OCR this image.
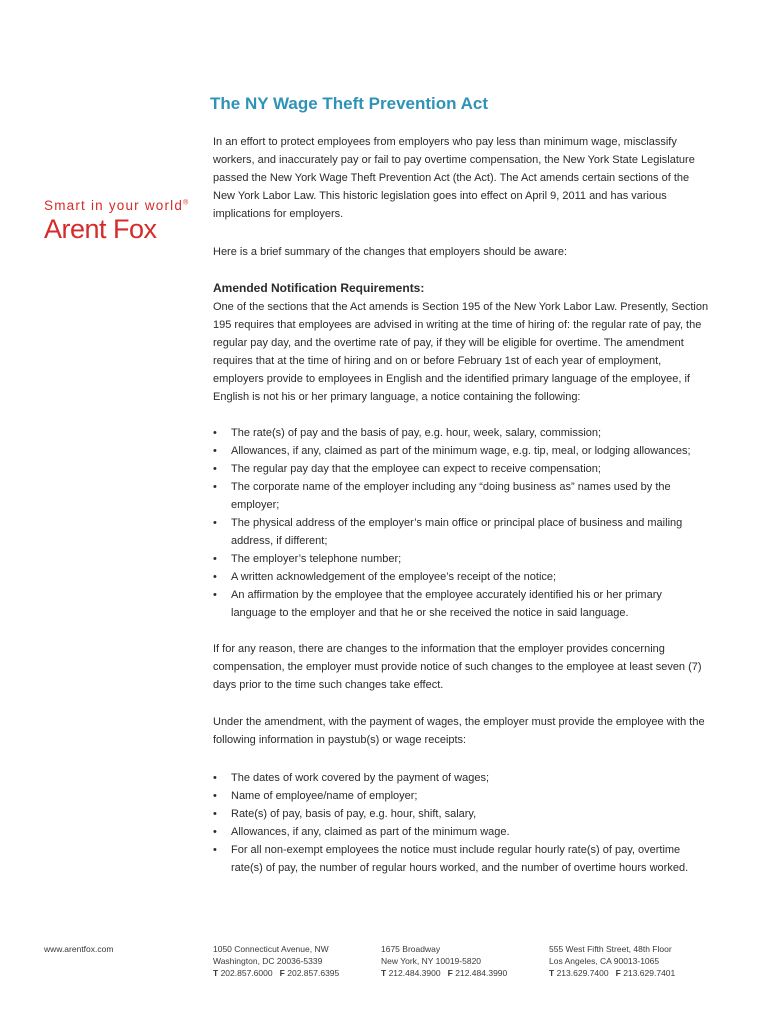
Smart in your world®
Arent Fox
The NY Wage Theft Prevention Act

In an effort to protect employees from employers who pay less than minimum wage, misclassify workers, and inaccurately pay or fail to pay overtime compensation, the New York State Legislature passed the New York Wage Theft Prevention Act (the Act). The Act amends certain sections of the New York Labor Law. This historic legislation goes into effect on April 9, 2011 and has various implications for employers.

Here is a brief summary of the changes that employers should be aware:

Amended Notification Requirements:

One of the sections that the Act amends is Section 195 of the New York Labor Law. Presently, Section 195 requires that employees are advised in writing at the time of hiring of: the regular rate of pay, the regular pay day, and the overtime rate of pay, if they will be eligible for overtime. The amendment requires that at the time of hiring and on or before February 1st of each year of employment, employers provide to employees in English and the identified primary language of the employee, if English is not his or her primary language, a notice containing the following:

• The rate(s) of pay and the basis of pay, e.g. hour, week, salary, commission;
• Allowances, if any, claimed as part of the minimum wage, e.g. tip, meal, or lodging allowances;
• The regular pay day that the employee can expect to receive compensation;
• The corporate name of the employer including any “doing business as” names used by the employer;
• The physical address of the employer’s main office or principal place of business and mailing address, if different;
• The employer’s telephone number;
• A written acknowledgement of the employee’s receipt of the notice;
• An affirmation by the employee that the employee accurately identified his or her primary language to the employer and that he or she received the notice in said language.

If for any reason, there are changes to the information that the employer provides concerning compensation, the employer must provide notice of such changes to the employee at least seven (7) days prior to the time such changes take effect.

Under the amendment, with the payment of wages, the employer must provide the employee with the following information in paystub(s) or wage receipts:

• The dates of work covered by the payment of wages;
• Name of employee/name of employer;
• Rate(s) of pay, basis of pay, e.g. hour, shift, salary,
• Allowances, if any, claimed as part of the minimum wage.
• For all non-exempt employees the notice must include regular hourly rate(s) of pay, overtime rate(s) of pay, the number of regular hours worked, and the number of overtime hours worked.
www.arentfox.com	1050 Connecticut Avenue, NW
Washington, DC 20036-5339
T 202.857.6000 F 202.857.6395
1675 Broadway
New York, NY 10019-5820
T 212.484.3900 F 212.484.3990
555 West Fifth Street, 48th Floor
Los Angeles, CA 90013-1065
T 213.629.7400 F 213.629.7401
